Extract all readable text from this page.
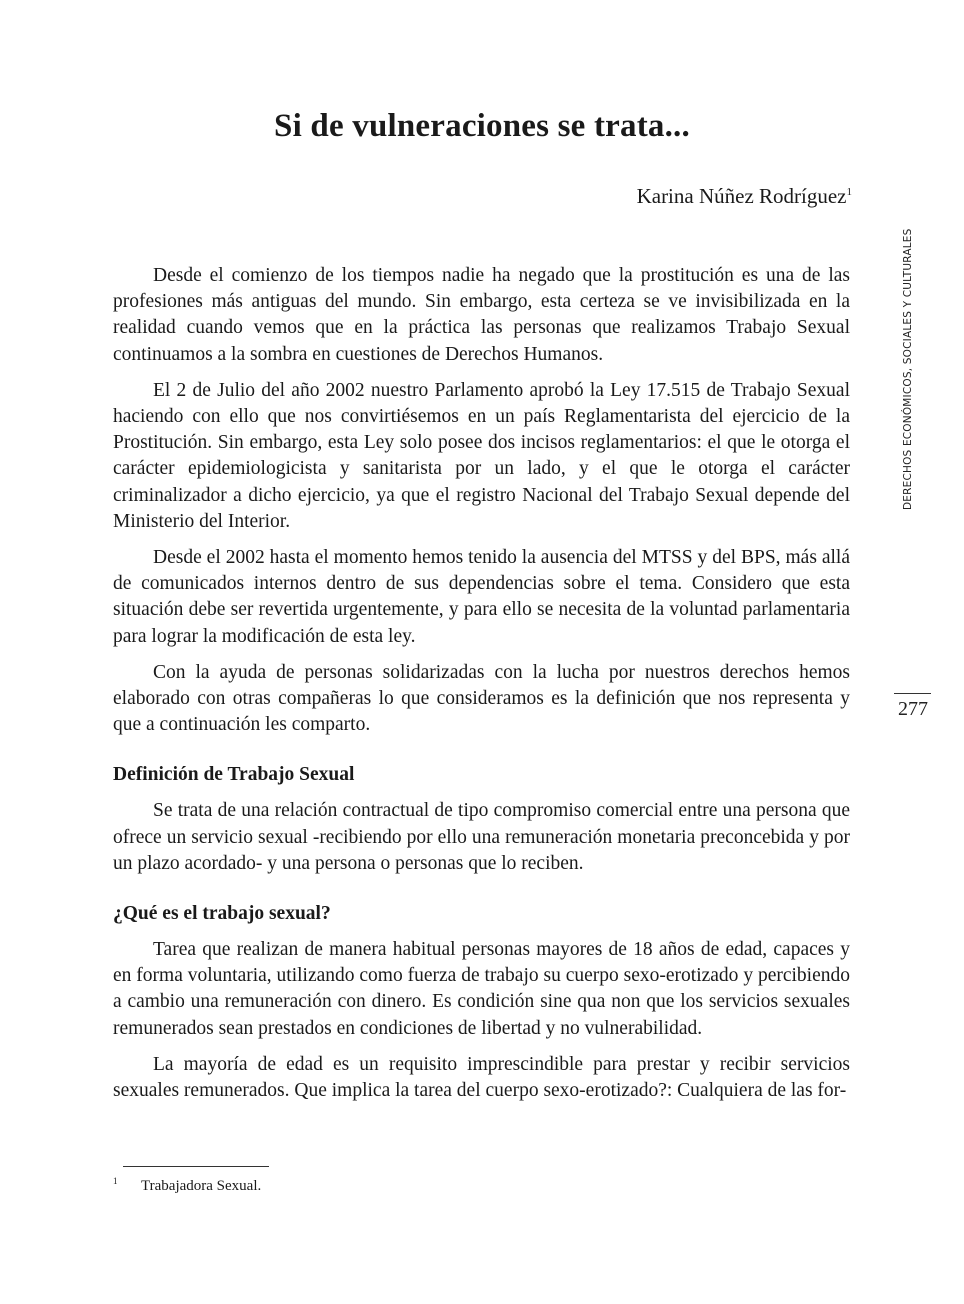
Si de vulneraciones se trata...
Karina Núñez Rodríguez$^1$
DERECHOS ECONÓMICOS, SOCIALES Y CULTURALES
277

Desde el comienzo de los tiempos nadie ha negado que la prostitución es una de las profesiones más antiguas del mundo. Sin embargo, esta certeza se ve invisibilizada en la realidad cuando vemos que en la práctica las personas que realizamos Trabajo Sexual continuamos a la sombra en cuestiones de Derechos Humanos.

El 2 de Julio del año 2002 nuestro Parlamento aprobó la Ley 17.515 de Trabajo Sexual haciendo con ello que nos convirtiésemos en un país Reglamentarista del ejercicio de la Prostitución. Sin embargo, esta Ley solo posee dos incisos reglamentarios: el que le otorga el carácter epidemiologicista y sanitarista por un lado, y el que le otorga el carácter criminalizador a dicho ejercicio, ya que el registro Nacional del Trabajo Sexual depende del Ministerio del Interior.

Desde el 2002 hasta el momento hemos tenido la ausencia del MTSS y del BPS, más allá de comunicados internos dentro de sus dependencias sobre el tema. Considero que esta situación debe ser revertida urgentemente, y para ello se necesita de la voluntad parlamentaria para lograr la modificación de esta ley.

Con la ayuda de personas solidarizadas con la lucha por nuestros derechos hemos elaborado con otras compañeras lo que consideramos es la definición que nos representa y que a continuación les comparto.

Definición de Trabajo Sexual

Se trata de una relación contractual de tipo compromiso comercial entre una persona que ofrece un servicio sexual -recibiendo por ello una remuneración monetaria preconcebida y por un plazo acordado- y una persona o personas que lo reciben.

¿Qué es el trabajo sexual?

Tarea que realizan de manera habitual personas mayores de 18 años de edad, capaces y en forma voluntaria, utilizando como fuerza de trabajo su cuerpo sexo-erotizado y percibiendo a cambio una remuneración con dinero. Es condición sine qua non que los servicios sexuales remunerados sean prestados en condiciones de libertad y no vulnerabilidad.

La mayoría de edad es un requisito imprescindible para prestar y recibir servicios sexuales remunerados. Que implica la tarea del cuerpo sexo-erotizado?: Cualquiera de las for-

1 Trabajadora Sexual.
